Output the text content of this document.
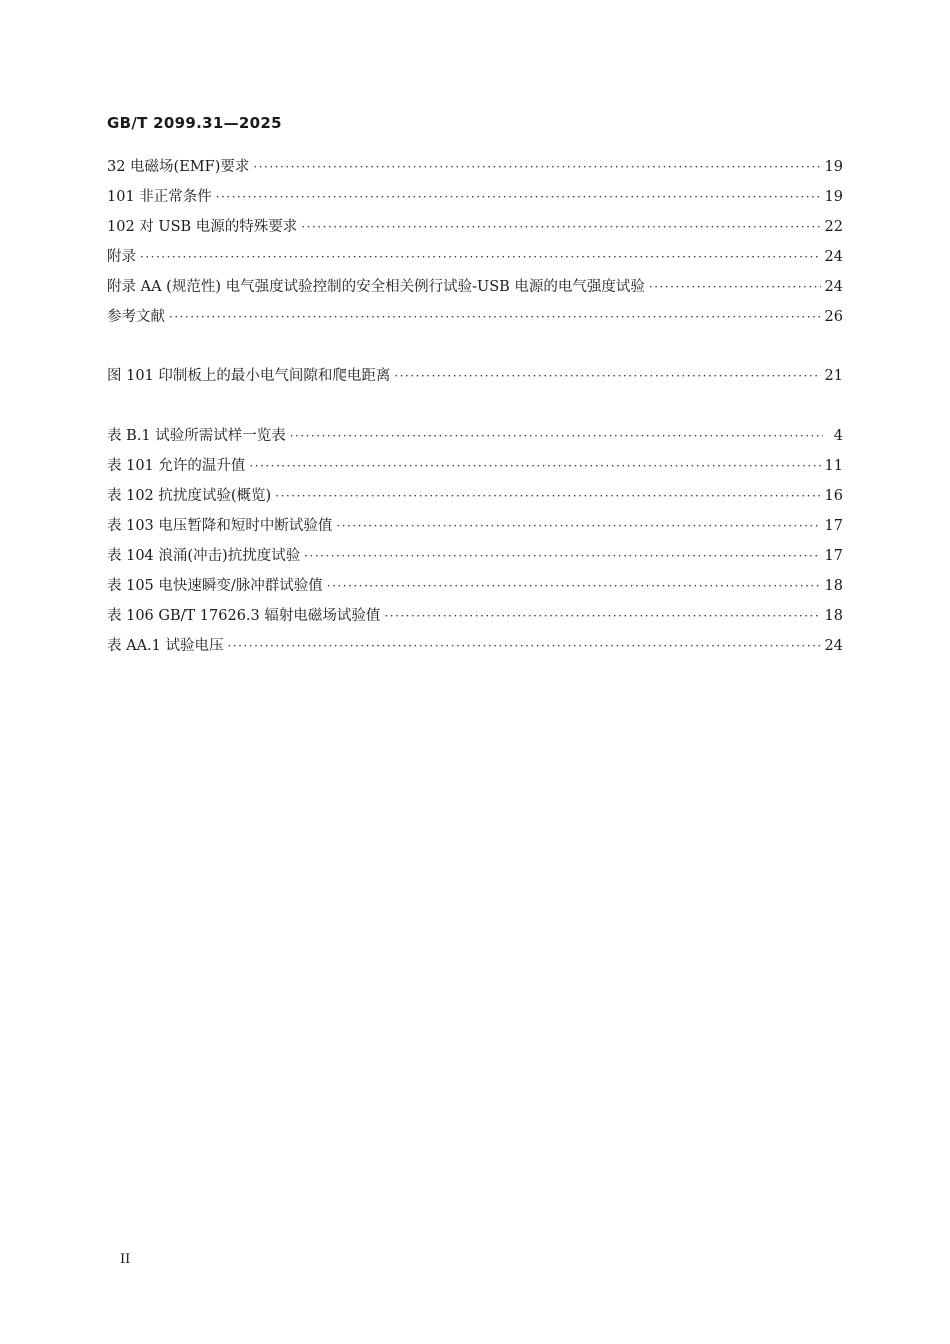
GB/T 2099.31—2025
32 电磁场(EMF)要求 ·····	19
101 非正常条件 ·····	19
102 对 USB 电源的特殊要求 ·····	22
附录 ·····	24
附录 AA (规范性) 电气强度试验控制的安全相关例行试验-USB 电源的电气强度试验 ·····	24
参考文献 ·····	26
图 101 印制板上的最小电气间隙和爬电距离 ·····	21
表 B.1 试验所需试样一览表 ·····	4
表 101 允许的温升值 ·····	11
表 102 抗扰度试验(概览) ·····	16
表 103 电压暂降和短时中断试验值 ·····	17
表 104 浪涌(冲击)抗扰度试验 ·····	17
表 105 电快速瞬变/脉冲群试验值 ·····	18
表 106 GB/T 17626.3 辐射电磁场试验值 ·····	18
表 AA.1 试验电压 ·····	24
II
